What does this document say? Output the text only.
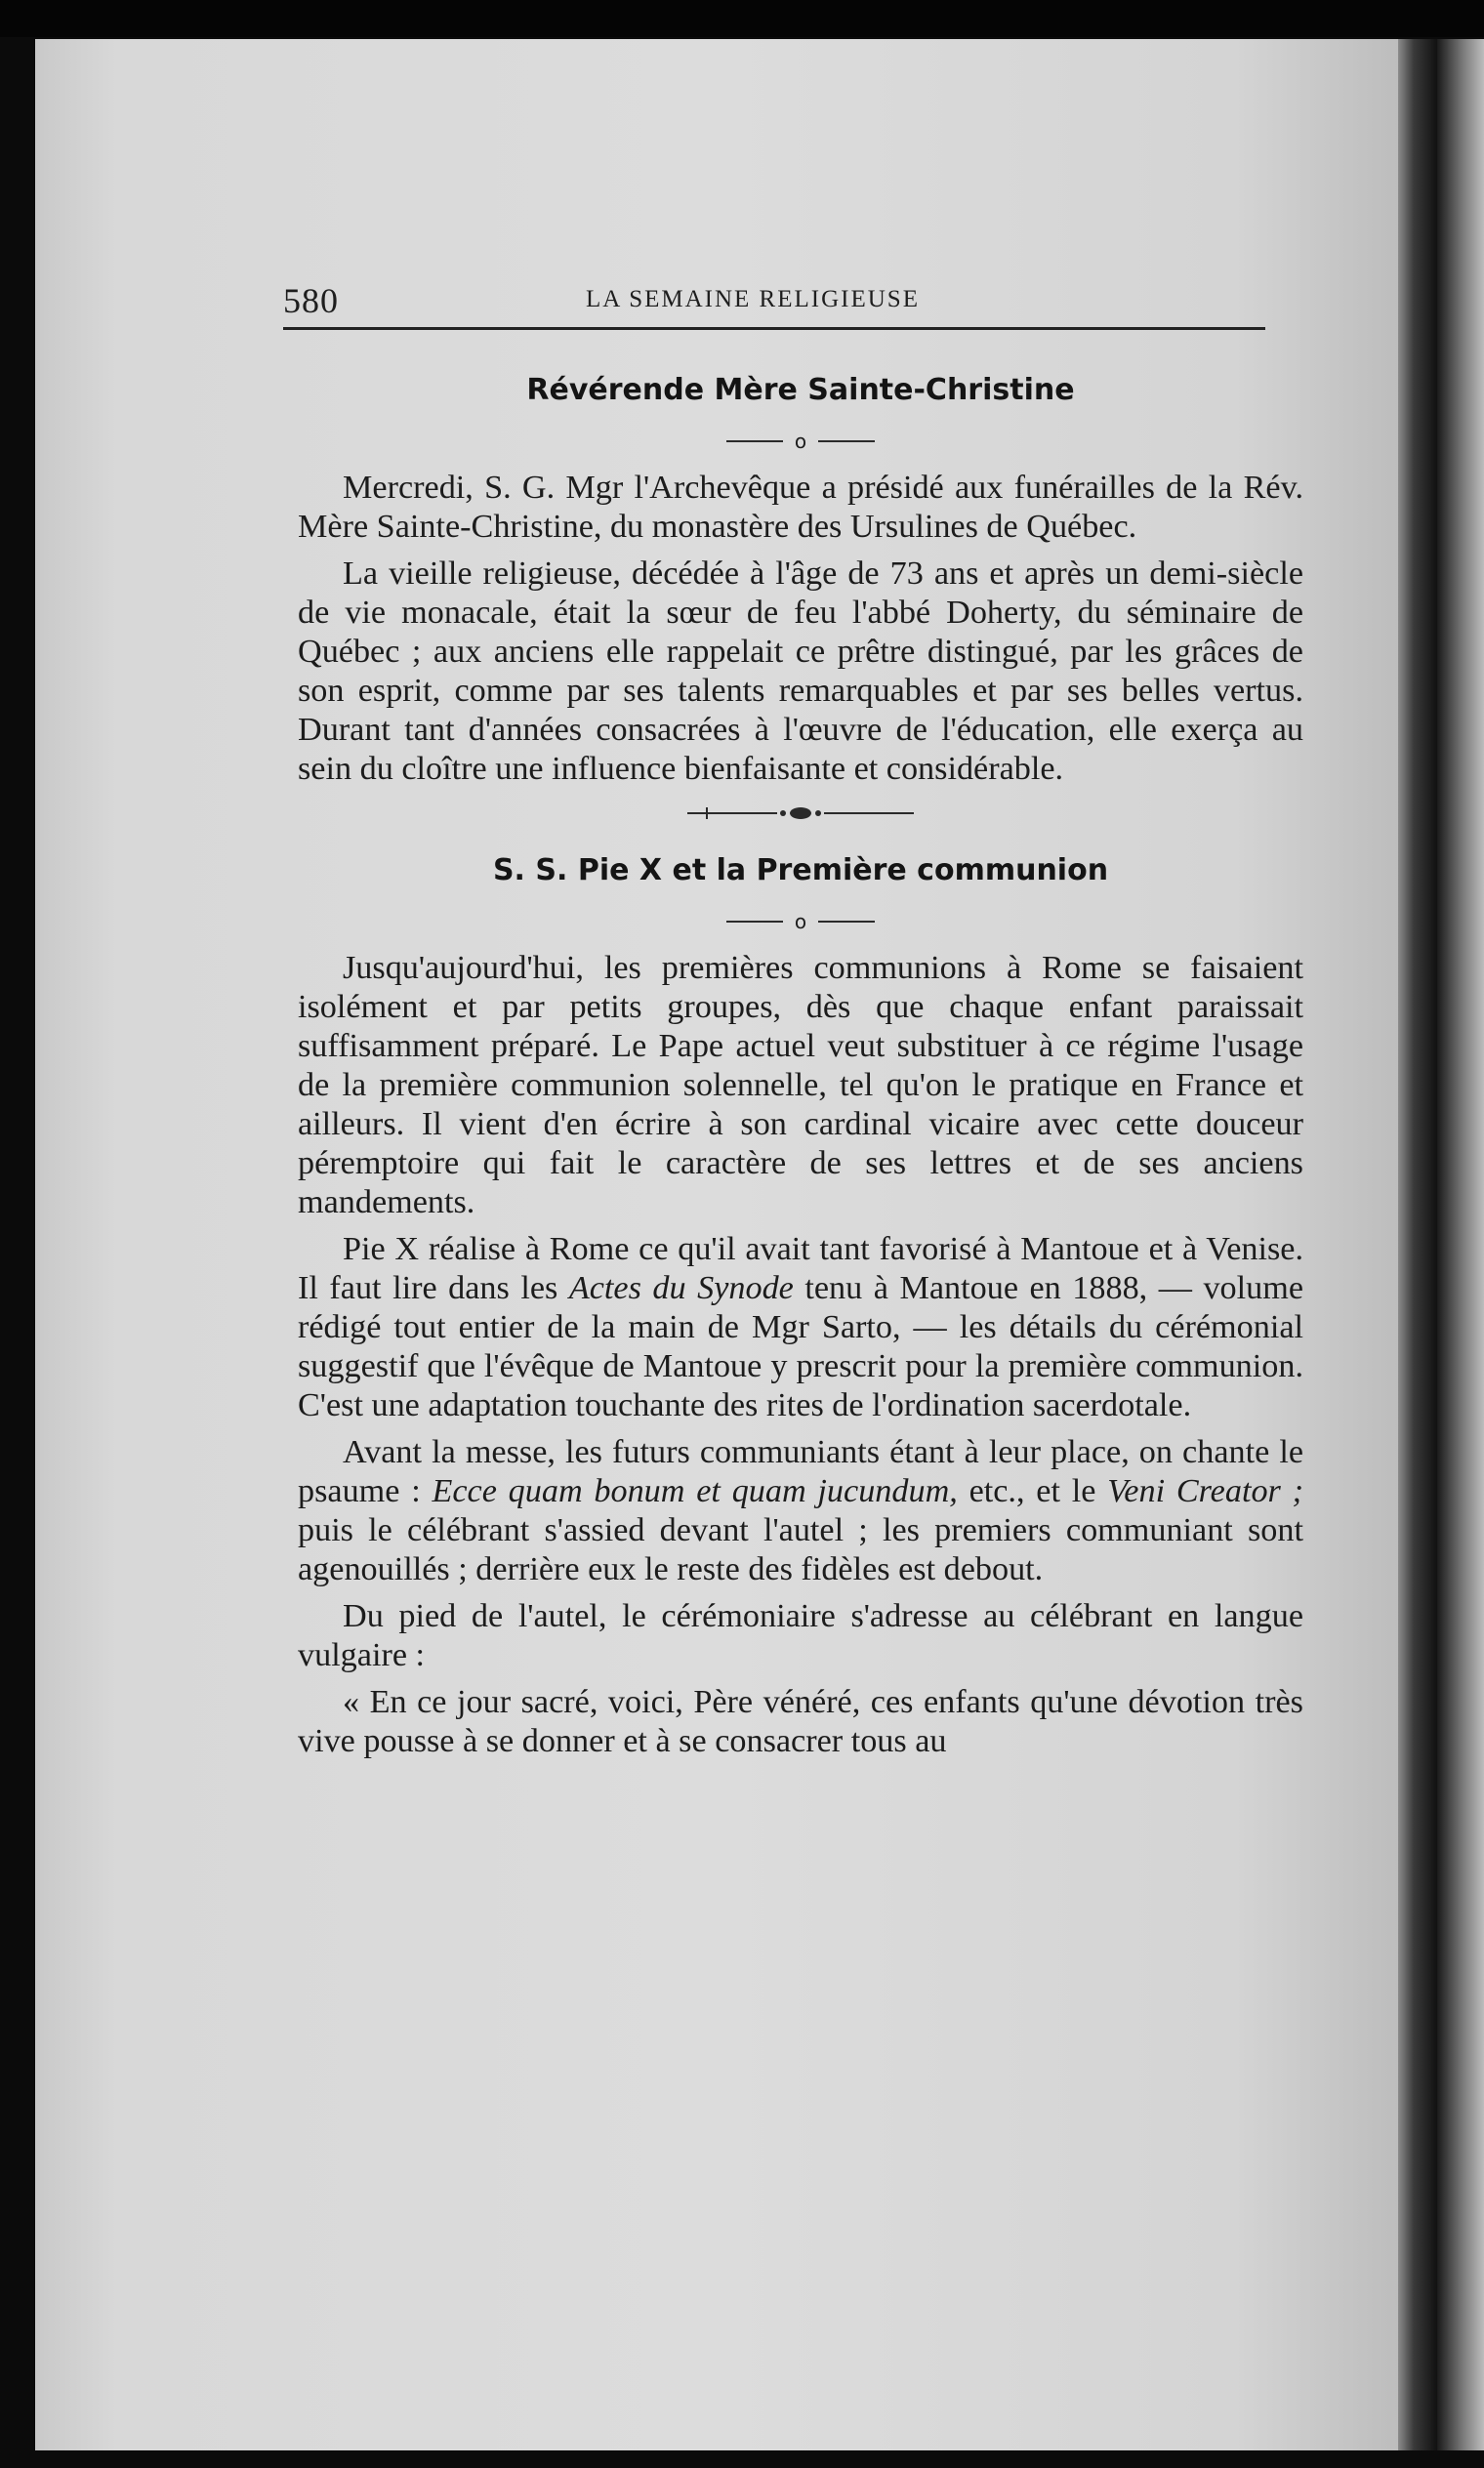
580	LA SEMAINE RELIGIEUSE
Révérende Mère Sainte-Christine
o

Mercredi, S. G. Mgr l'Archevêque a présidé aux funérailles de la Rév. Mère Sainte-Christine, du monastère des Ursulines de Québec.

La vieille religieuse, décédée à l'âge de 73 ans et après un demi-siècle de vie monacale, était la sœur de feu l'abbé Doherty, du séminaire de Québec ; aux anciens elle rappelait ce prêtre distingué, par les grâces de son esprit, comme par ses talents remarquables et par ses belles vertus. Durant tant d'années consacrées à l'œuvre de l'éducation, elle exerça au sein du cloître une influence bienfaisante et considérable.

S. S. Pie X et la Première communion
o

Jusqu'aujourd'hui, les premières communions à Rome se faisaient isolément et par petits groupes, dès que chaque enfant paraissait suffisamment préparé. Le Pape actuel veut substituer à ce régime l'usage de la première communion solennelle, tel qu'on le pratique en France et ailleurs. Il vient d'en écrire à son cardinal vicaire avec cette douceur péremptoire qui fait le caractère de ses lettres et de ses anciens mandements.

Pie X réalise à Rome ce qu'il avait tant favorisé à Mantoue et à Venise. Il faut lire dans les Actes du Synode tenu à Mantoue en 1888, — volume rédigé tout entier de la main de Mgr Sarto, — les détails du cérémonial suggestif que l'évêque de Mantoue y prescrit pour la première communion. C'est une adaptation touchante des rites de l'ordination sacerdotale.

Avant la messe, les futurs communiants étant à leur place, on chante le psaume : Ecce quam bonum et quam jucundum, etc., et le Veni Creator ; puis le célébrant s'assied devant l'autel ; les premiers communiant sont agenouillés ; derrière eux le reste des fidèles est debout.

Du pied de l'autel, le cérémoniaire s'adresse au célébrant en langue vulgaire :

« En ce jour sacré, voici, Père vénéré, ces enfants qu'une dévotion très vive pousse à se donner et à se consacrer tous au
